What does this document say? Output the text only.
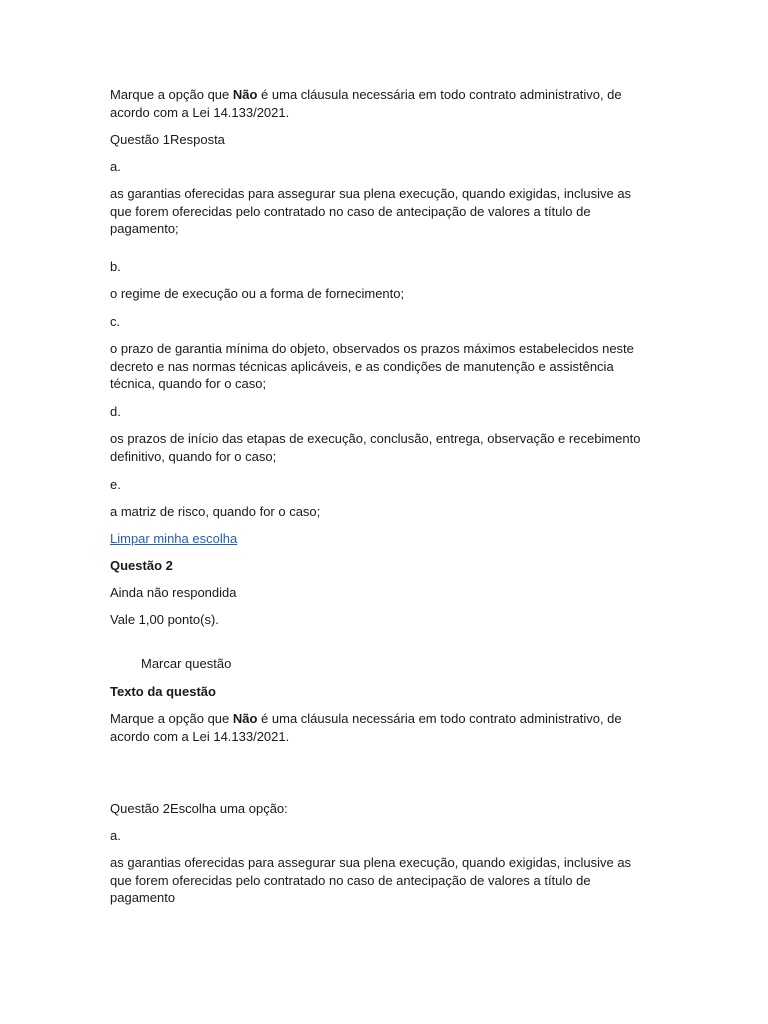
Marque a opção que Não é uma cláusula necessária em todo contrato administrativo, de acordo com a Lei 14.133/2021.

Questão 1Resposta

a.

as garantias oferecidas para assegurar sua plena execução, quando exigidas, inclusive as que forem oferecidas pelo contratado no caso de antecipação de valores a título de pagamento;

b.

o regime de execução ou a forma de fornecimento;

c.

o prazo de garantia mínima do objeto, observados os prazos máximos estabelecidos neste decreto e nas normas técnicas aplicáveis, e as condições de manutenção e assistência técnica, quando for o caso;

d.

os prazos de início das etapas de execução, conclusão, entrega, observação e recebimento definitivo, quando for o caso;

e.

a matriz de risco, quando for o caso;

Limpar minha escolha

Questão 2

Ainda não respondida

Vale 1,00 ponto(s).

Marcar questão

Texto da questão

Marque a opção que Não é uma cláusula necessária em todo contrato administrativo, de acordo com a Lei 14.133/2021.

Questão 2Escolha uma opção:

a.

as garantias oferecidas para assegurar sua plena execução, quando exigidas, inclusive as que forem oferecidas pelo contratado no caso de antecipação de valores a título de pagamento
